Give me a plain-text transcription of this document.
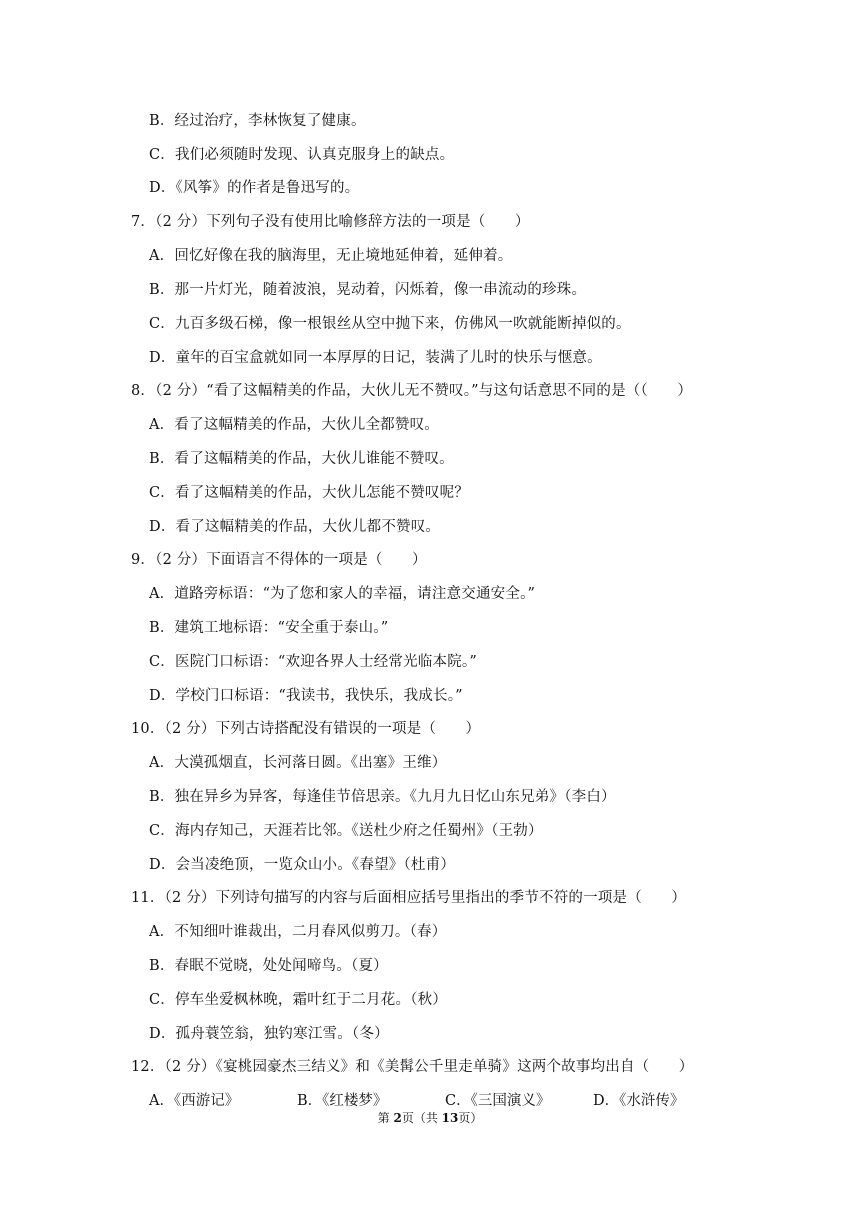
B．经过治疗，李林恢复了健康。
C．我们必须随时发现、认真克服身上的缺点。
D．《风筝》的作者是鲁迅写的。
7．（2 分）下列句子没有使用比喻修辞方法的一项是（　　）
A．回忆好像在我的脑海里，无止境地延伸着，延伸着。
B．那一片灯光，随着波浪，晃动着，闪烁着，像一串流动的珍珠。
C．九百多级石梯，像一根银丝从空中抛下来，仿佛风一吹就能断掉似的。
D．童年的百宝盒就如同一本厚厚的日记，装满了儿时的快乐与惬意。
8．（2 分）“看了这幅精美的作品，大伙儿无不赞叹。”与这句话意思不同的是（（　　）
A．看了这幅精美的作品，大伙儿全都赞叹。
B．看了这幅精美的作品，大伙儿谁能不赞叹。
C．看了这幅精美的作品，大伙儿怎能不赞叹呢？
D．看了这幅精美的作品，大伙儿都不赞叹。
9．（2 分）下面语言不得体的一项是（　　）
A．道路旁标语：“为了您和家人的幸福，请注意交通安全。”
B．建筑工地标语：“安全重于泰山。”
C．医院门口标语：“欢迎各界人士经常光临本院。”
D．学校门口标语：“我读书，我快乐，我成长。”
10．（2 分）下列古诗搭配没有错误的一项是（　　）
A．大漠孤烟直，长河落日圆。《出塞》王维）
B．独在异乡为异客，每逢佳节倍思亲。《九月九日忆山东兄弟》（李白）
C．海内存知己，天涯若比邻。《送杜少府之任蜀州》（王勃）
D．会当凌绝顶，一览众山小。《春望》（杜甫）
11．（2 分）下列诗句描写的内容与后面相应括号里指出的季节不符的一项是（　　）
A．不知细叶谁裁出，二月春风似剪刀。（春）
B．春眠不觉晓，处处闻啼鸟。（夏）
C．停车坐爱枫林晚，霜叶红于二月花。（秋）
D．孤舟蓑笠翁，独钓寒江雪。（冬）
12．（2 分）《宴桃园豪杰三结义》和《美髯公千里走单骑》这两个故事均出自（　　）
A．《西游记》	B．《红楼梦》	C．《三国演义》	D．《水浒传》
第 2页（共 13页）
